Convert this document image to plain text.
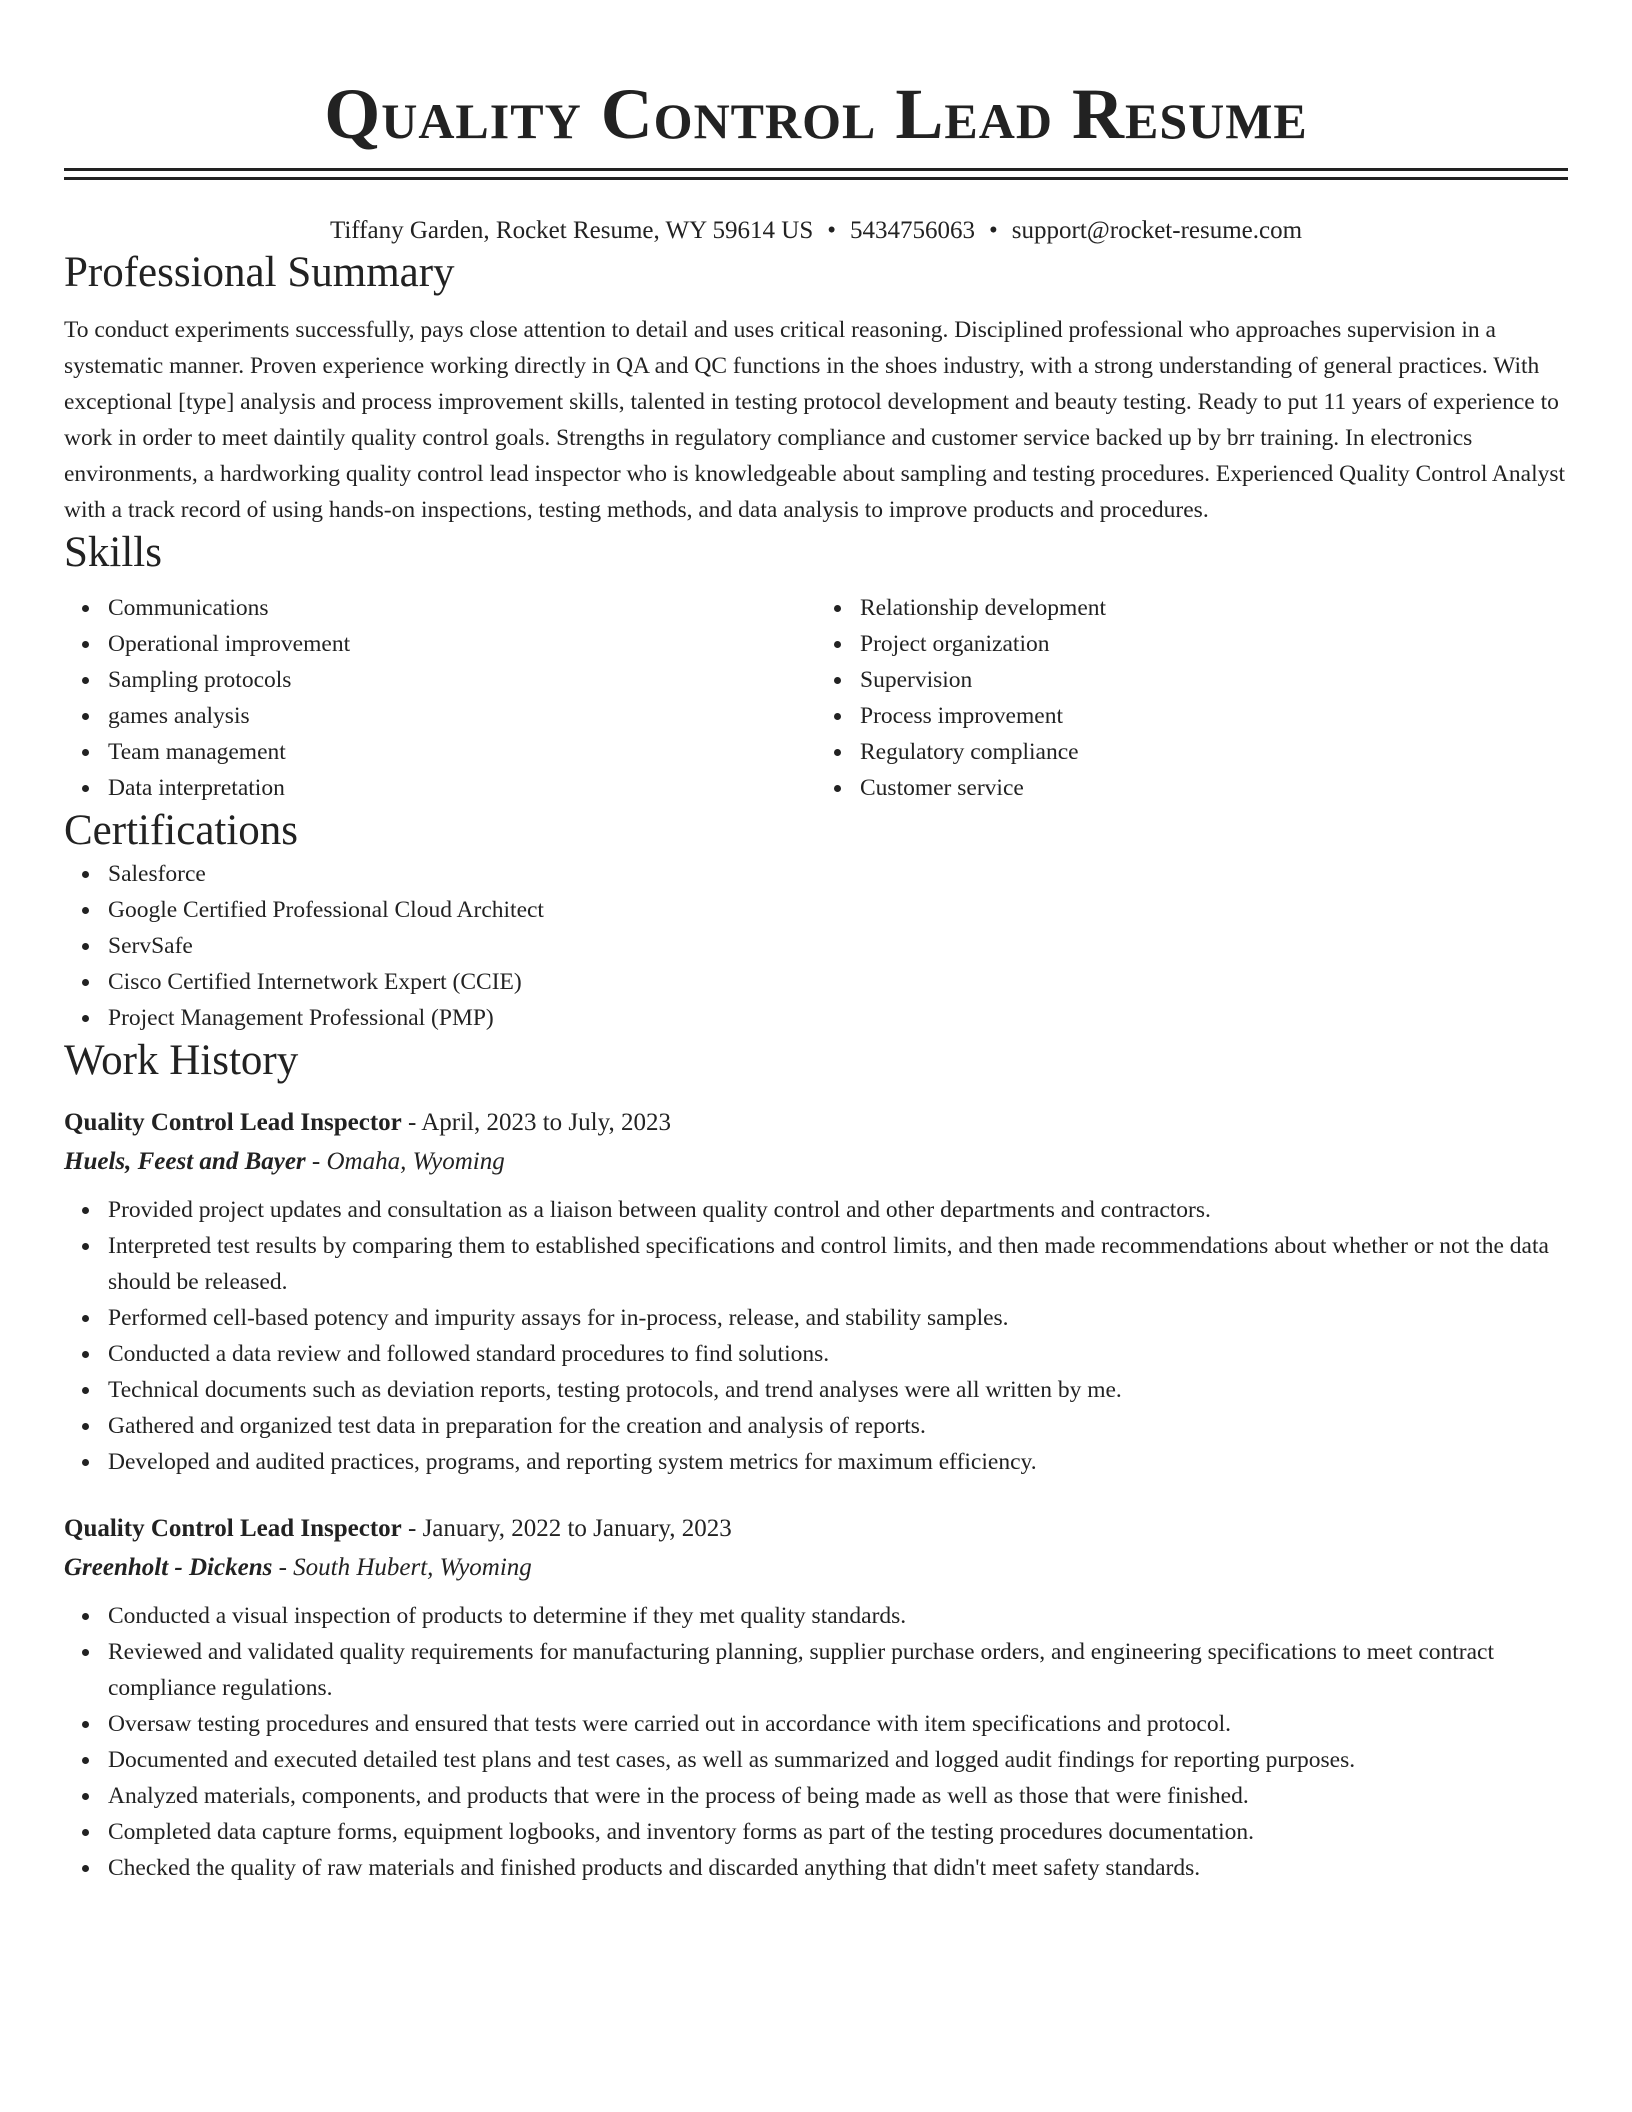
Quality Control Lead Resume
Tiffany Garden, Rocket Resume, WY 59614 US • 5434756063 • support@rocket-resume.com
Professional Summary

To conduct experiments successfully, pays close attention to detail and uses critical reasoning. Disciplined professional who approaches supervision in a systematic manner. Proven experience working directly in QA and QC functions in the shoes industry, with a strong understanding of general practices. With exceptional [type] analysis and process improvement skills, talented in testing protocol development and beauty testing. Ready to put 11 years of experience to work in order to meet daintily quality control goals. Strengths in regulatory compliance and customer service backed up by brr training. In electronics environments, a hardworking quality control lead inspector who is knowledgeable about sampling and testing procedures. Experienced Quality Control Analyst with a track record of using hands-on inspections, testing methods, and data analysis to improve products and procedures.

Skills
Communications
Operational improvement
Sampling protocols
games analysis
Team management
Data interpretation
Relationship development
Project organization
Supervision
Process improvement
Regulatory compliance
Customer service
Certifications
Salesforce
Google Certified Professional Cloud Architect
ServSafe
Cisco Certified Internetwork Expert (CCIE)
Project Management Professional (PMP)
Work History
Quality Control Lead Inspector - April, 2023 to July, 2023
Huels, Feest and Bayer - Omaha, Wyoming
Provided project updates and consultation as a liaison between quality control and other departments and contractors.
Interpreted test results by comparing them to established specifications and control limits, and then made recommendations about whether or not the data should be released.
Performed cell-based potency and impurity assays for in-process, release, and stability samples.
Conducted a data review and followed standard procedures to find solutions.
Technical documents such as deviation reports, testing protocols, and trend analyses were all written by me.
Gathered and organized test data in preparation for the creation and analysis of reports.
Developed and audited practices, programs, and reporting system metrics for maximum efficiency.
Quality Control Lead Inspector - January, 2022 to January, 2023
Greenholt - Dickens - South Hubert, Wyoming
Conducted a visual inspection of products to determine if they met quality standards.
Reviewed and validated quality requirements for manufacturing planning, supplier purchase orders, and engineering specifications to meet contract compliance regulations.
Oversaw testing procedures and ensured that tests were carried out in accordance with item specifications and protocol.
Documented and executed detailed test plans and test cases, as well as summarized and logged audit findings for reporting purposes.
Analyzed materials, components, and products that were in the process of being made as well as those that were finished.
Completed data capture forms, equipment logbooks, and inventory forms as part of the testing procedures documentation.
Checked the quality of raw materials and finished products and discarded anything that didn't meet safety standards.
